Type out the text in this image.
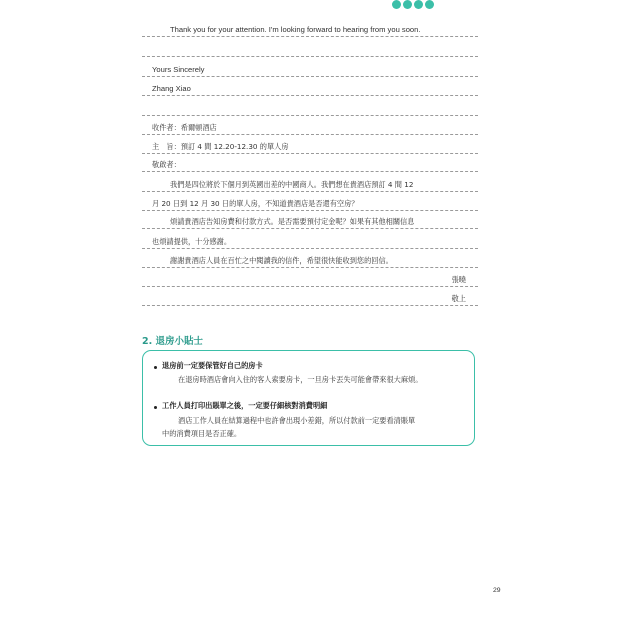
Thank you for your attention. I'm looking forward to hearing from you soon.
Yours Sincerely
Zhang Xiao
收件者：希爾頓酒店
主　旨：預訂 4 間 12.20-12.30 的單人房
敬啟者：
我們是四位將於下個月到英國出差的中國商人。我們想在貴酒店預訂 4 間 12
月 20 日到 12 月 30 日的單人房，不知道貴酒店是否還有空房？
煩請貴酒店告知房費和付款方式。是否需要預付定金呢？如果有其他相關信息
也煩請提供，十分感謝。
謝謝貴酒店人員在百忙之中閱讀我的信件，希望很快能收到您的回信。
張曉
敬上
2. 退房小貼士
退房前一定要保管好自己的房卡
在退房時酒店會向入住的客人索要房卡，一旦房卡丟失可能會帶來很大麻煩。
工作人員打印出賬單之後，一定要仔細核對消費明細
酒店工作人員在結算過程中也許會出現小差錯，所以付款前一定要看清賬單
中的消費項目是否正確。
29
